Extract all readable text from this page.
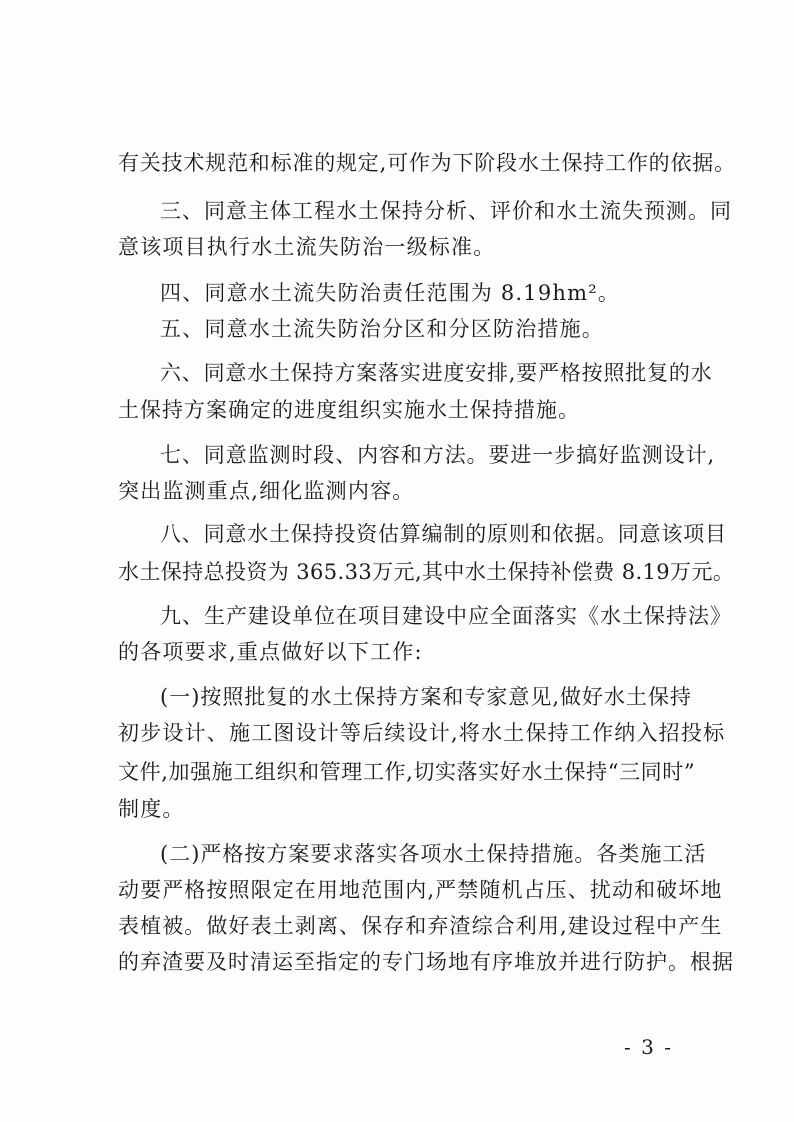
有关技术规范和标准的规定,可作为下阶段水土保持工作的依据。
三、同意主体工程水土保持分析、评价和水土流失预测。同
意该项目执行水土流失防治一级标准。
四、同意水土流失防治责任范围为 8.19hm²。
五、同意水土流失防治分区和分区防治措施。
六、同意水土保持方案落实进度安排,要严格按照批复的水
土保持方案确定的进度组织实施水土保持措施。
七、同意监测时段、内容和方法。要进一步搞好监测设计,
突出监测重点,细化监测内容。
八、同意水土保持投资估算编制的原则和依据。同意该项目
水土保持总投资为 365.33万元,其中水土保持补偿费 8.19万元。
九、生产建设单位在项目建设中应全面落实《水土保持法》
的各项要求,重点做好以下工作:
(一)按照批复的水土保持方案和专家意见,做好水土保持
初步设计、施工图设计等后续设计,将水土保持工作纳入招投标
文件,加强施工组织和管理工作,切实落实好水土保持“三同时”
制度。
(二)严格按方案要求落实各项水土保持措施。各类施工活
动要严格按照限定在用地范围内,严禁随机占压、扰动和破坏地
表植被。做好表土剥离、保存和弃渣综合利用,建设过程中产生
的弃渣要及时清运至指定的专门场地有序堆放并进行防护。根据
- 3 -
